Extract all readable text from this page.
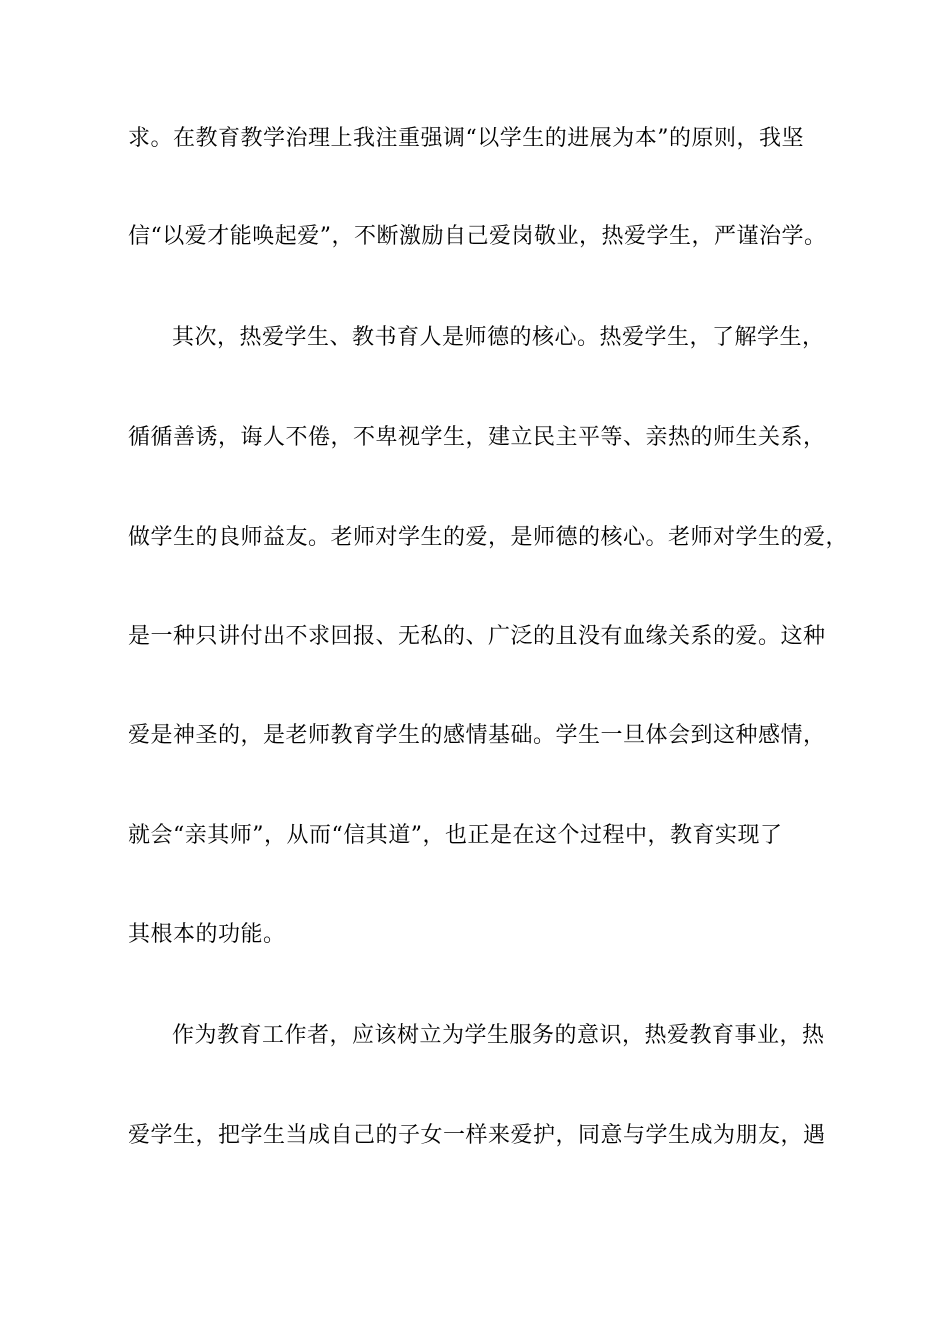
求。在教育教学治理上我注重强调“以学生的进展为本”的原则，我坚
信“以爱才能唤起爱”，不断激励自己爱岗敬业，热爱学生，严谨治学。
其次，热爱学生、教书育人是师德的核心。热爱学生，了解学生，
循循善诱，诲人不倦，不卑视学生，建立民主平等、亲热的师生关系，
做学生的良师益友。老师对学生的爱，是师德的核心。老师对学生的爱，
是一种只讲付出不求回报、无私的、广泛的且没有血缘关系的爱。这种
爱是神圣的，是老师教育学生的感情基础。学生一旦体会到这种感情，
就会“亲其师”，从而“信其道”，也正是在这个过程中，教育实现了
其根本的功能。
作为教育工作者，应该树立为学生服务的意识，热爱教育事业，热
爱学生，把学生当成自己的子女一样来爱护，同意与学生成为朋友，遇
